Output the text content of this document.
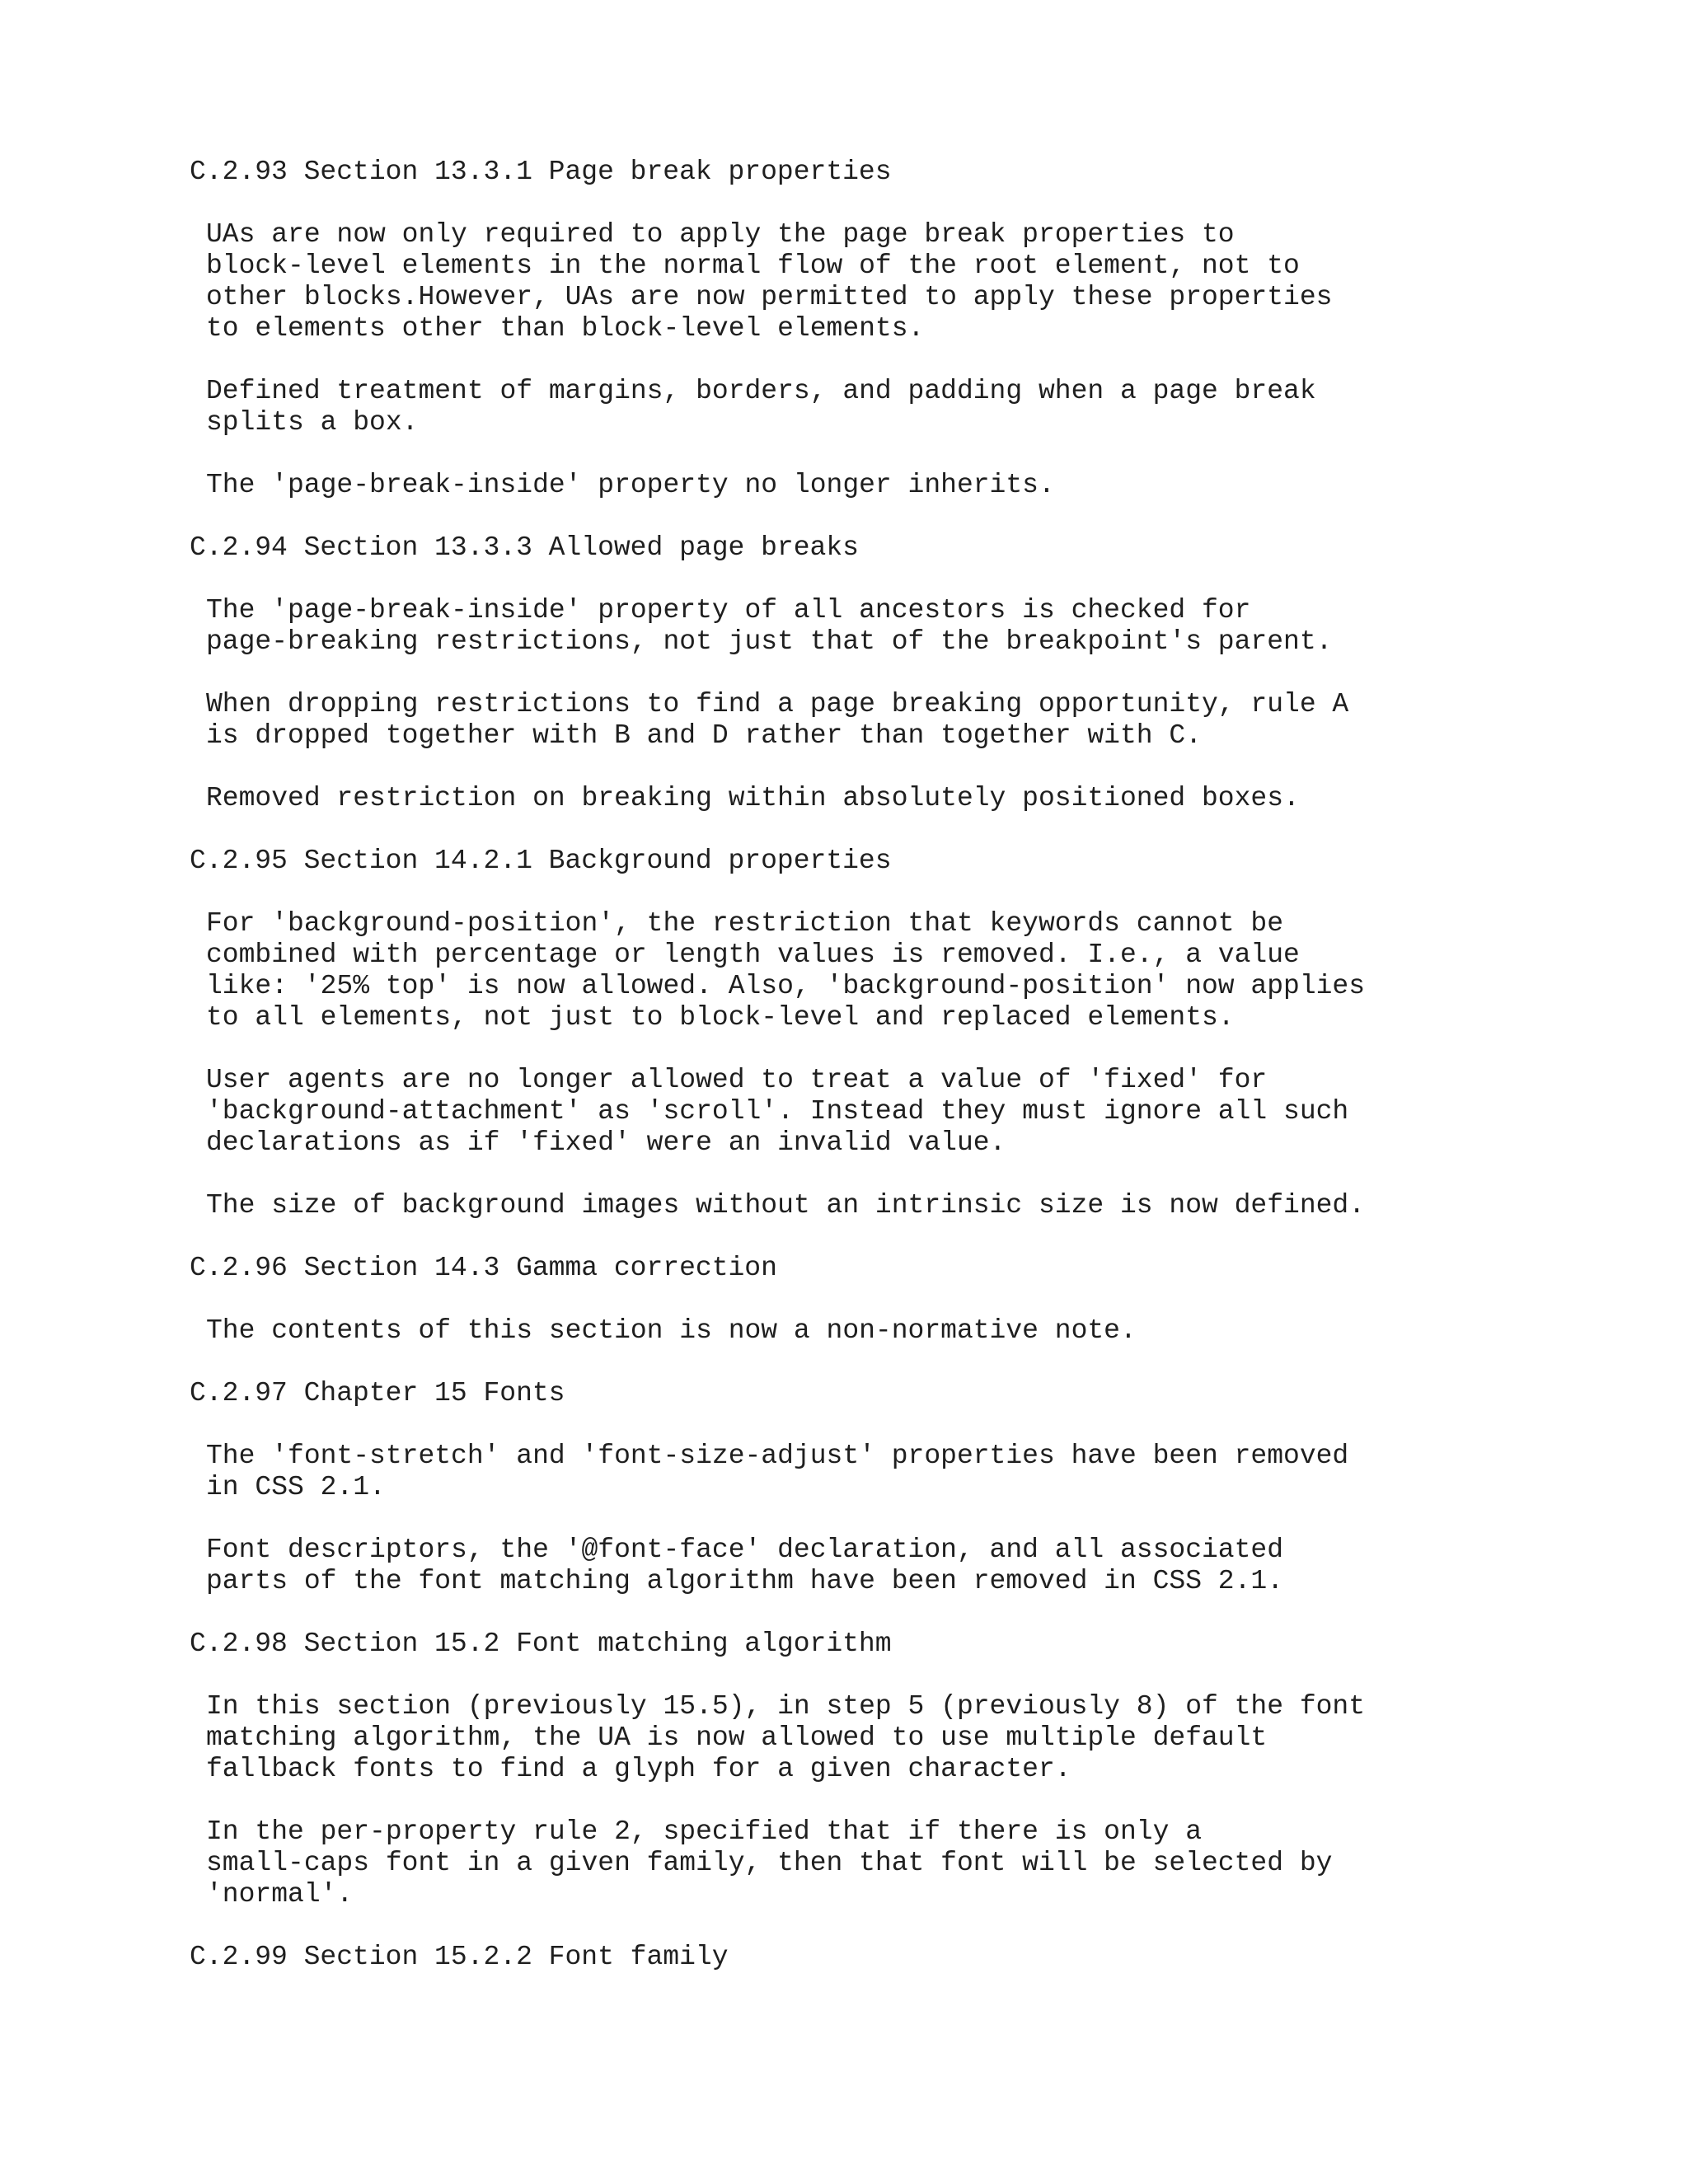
C.2.93 Section 13.3.1 Page break properties

UAs are now only required to apply the page break properties to
block-level elements in the normal flow of the root element, not to
other blocks.However, UAs are now permitted to apply these properties
to elements other than block-level elements.

Defined treatment of margins, borders, and padding when a page break
splits a box.

The 'page-break-inside' property no longer inherits.

C.2.94 Section 13.3.3 Allowed page breaks

The 'page-break-inside' property of all ancestors is checked for
page-breaking restrictions, not just that of the breakpoint's parent.

When dropping restrictions to find a page breaking opportunity, rule A
is dropped together with B and D rather than together with C.

Removed restriction on breaking within absolutely positioned boxes.

C.2.95 Section 14.2.1 Background properties

For 'background-position', the restriction that keywords cannot be
combined with percentage or length values is removed. I.e., a value
like: '25% top' is now allowed. Also, 'background-position' now applies
to all elements, not just to block-level and replaced elements.

User agents are no longer allowed to treat a value of 'fixed' for
'background-attachment' as 'scroll'. Instead they must ignore all such
declarations as if 'fixed' were an invalid value.

The size of background images without an intrinsic size is now defined.

C.2.96 Section 14.3 Gamma correction

The contents of this section is now a non-normative note.

C.2.97 Chapter 15 Fonts

The 'font-stretch' and 'font-size-adjust' properties have been removed
in CSS 2.1.

Font descriptors, the '@font-face' declaration, and all associated
parts of the font matching algorithm have been removed in CSS 2.1.

C.2.98 Section 15.2 Font matching algorithm

In this section (previously 15.5), in step 5 (previously 8) of the font
matching algorithm, the UA is now allowed to use multiple default
fallback fonts to find a glyph for a given character.

In the per-property rule 2, specified that if there is only a
small-caps font in a given family, then that font will be selected by
'normal'.

C.2.99 Section 15.2.2 Font family
